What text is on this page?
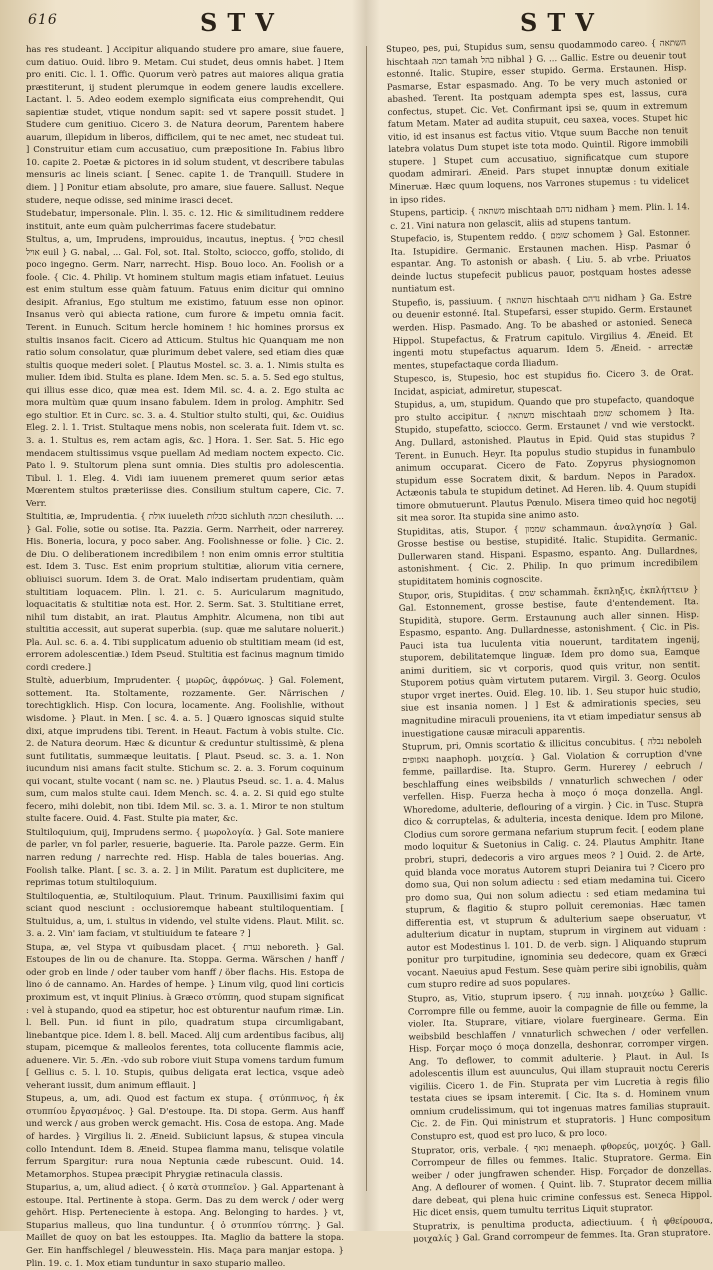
616	STV	STV

has res studeant. ] Accipitur aliquando studere pro amare, siue fauere, cum datiuo. Ouid. libro 9. Metam. Cui studet, deus omnis habet. ] Item pro eniti. Cic. l. 1. Offic. Quorum verò patres aut maiores aliqua gratia præstiterunt, ij student plerumque in eodem genere laudis excellere. Lactant. l. 5. Adeo eodem exemplo significata eius comprehendit, Qui sapientiæ studet, vtique nondum sapit: sed vt sapere possit studet. ] Studere cum genitiuo. Cicero 3. de Natura deorum, Parentem habere auarum, illepidum in liberos, difficilem, qui te nec amet, nec studeat tui. ] Construitur etiam cum accusatiuo, cum præpositione In. Fabius libro 10. capite 2. Poetæ & pictores in id solum student, vt describere tabulas mensuris ac lineis sciant. [ Senec. capite 1. de Tranquill. Studere in diem. ] ] Ponitur etiam absolute, pro amare, siue fauere. Sallust. Neque studere, neque odisse, sed minime irasci decet.

Studebatur, impersonale. Plin. l. 35. c. 12. Hic & similitudinem reddere instituit, ante eum quàm pulcherrimas facere studebatur.

Stultus, a, um, Imprudens, improuidus, incautus, ineptus. { כסיל chesil אויל euil } G. nabal, ... Gal. Fol, sot. Ital. Stolto, sciocco, goffo, stolido, di poco ingegno. Germ. Narr, narrecht. Hisp. Bouo loco. An. Foolish or a foole. { Cic. 4. Philip. Vt hominem stultum magis etiam infatuet. Leuius est enim stultum esse quàm fatuum. Fatuus enim dicitur qui omnino desipit. Afranius, Ego stultum me existimo, fatuum esse non opinor. Insanus verò qui abiecta ratione, cum furore & impetu omnia facit. Terent. in Eunuch. Scitum hercle hominem ! hic homines prorsus ex stultis insanos facit. Cicero ad Atticum. Stultus hic Quanquam me non ratio solum consolatur, quæ plurimum debet valere, sed etiam dies quæ stultis quoque mederi solet. [ Plautus Mostel. sc. 3. a. 1. Nimis stulta es mulier. Idem ibid. Stulta es plane. Idem Men. sc. 5. a. 5. Sed ego stultus, qui illius esse dico, quæ mea est. Idem Mil. sc. 4. a. 2. Ego stulta ac mora multùm quæ quum insano fabulem. Idem in prolog. Amphitr. Sed ego stultior. Et in Curc. sc. 3. a. 4. Stultior stulto stulti, qui, &c. Ouidius Eleg. 2. l. 1. Trist. Stultaque mens nobis, non scelerata fuit. Idem vt. sc. 3. a. 1. Stultus es, rem actam agis, &c. ] Hora. 1. Ser. Sat. 5. Hic ego mendacem stultissimus vsque puellam Ad mediam noctem expecto. Cic. Pato l. 9. Stultorum plena sunt omnia. Dies stultis pro adolescentia. Tibul. l. 1. Eleg. 4. Vidi iam iuuenem premeret quum serior ætas Mœrentem stultos præteriisse dies. Consilium stultum capere, Cic. 7. Verr.

Stultitia, æ, Imprudentia. { אולת iuueleth סכלות sichluth חכמה chesiluth. ... } Gal. Folie, sotie ou sotise. Ita. Pazzia. Germ. Narrheit, oder narrerey. His. Boneria, locura, y poco saber. Ang. Foolishnesse or folie. } Cic. 2. de Diu. O deliberationem incredibilem ! non enim omnis error stultitia est. Idem 3. Tusc. Est enim proprium stultitiæ, aliorum vitia cernere, obliuisci suorum. Idem 3. de Orat. Malo indisertam prudentiam, quàm stultitiam loquacem. Plin. l. 21. c. 5. Auricularum magnitudo, loquacitatis & stultitiæ nota est. Hor. 2. Serm. Sat. 3. Stultitiane erret, nihil tum distabit, an irat. Plautus Amphitr. Alcumena, non tibi aut stultitia accessit, aut superat superbia. (sup. quæ me salutare noluerit.) Pla. Aul. sc. 6. a. 4. Tibi supplicatum aduenio ob stultitiam meam (id est, errorem adolescentiæ.) Idem Pseud. Stultitia est facinus magnum timido cordi credere.]

Stultè, aduerbium, Imprudenter. { μωρῶς, ἀφρόνως. } Gal. Folement, sottement. Ita. Stoltamente, rozzamente. Ger. Närrischen / torechtigklich. Hisp. Con locura, locamente. Ang. Foolishlie, without wisdome. } Plaut. in Men. [ sc. 4. a. 5. ] Quæro ignoscas siquid stulte dixi, atque imprudens tibi. Terent. in Heaut. Factum à vobis stulte. Cic. 2. de Natura deorum. Hæc & dicuntur & creduntur stultissimè, & plena sunt futilitatis, summæque leuitatis. [ Plaut. Pseud. sc. 3. a. 1. Non iucundum nisi amans facit stulte. Stichum sc. 2. a. 3. Forum coquinum qui vocant, stulte vocant ( nam sc. ne. ) Plautus Pseud. sc. 1. a. 4. Malus sum, cum malos stulte caui. Idem Mench. sc. 4. a. 2. Si quid ego stulte fecero, mihi dolebit, non tibi. Idem Mil. sc. 3. a. 1. Miror te non stultum stulte facere. Ouid. 4. Fast. Stulte pia mater, &c.

Stultiloquium, quij, Imprudens sermo. { μωρολογία. } Gal. Sote maniere de parler, vn fol parler, resuerie, baguerie. Ita. Parole pazze. Germ. Ein narren redung / narrechte red. Hisp. Habla de tales bouerias. Ang. Foolish talke. Plant. [ sc. 3. a. 2. ] in Milit. Paratum est duplicitere, me reprimas totum stultiloquium.

Stultiloquentia, æ, Stultiloquium. Plaut. Trinum. Pauxillisimi faxim qui sciant quod nesciunt : occlusioremque habeant stultiloquentiam. [ Stultuidus, a, um, i. stultus in videndo, vel stulte videns. Plaut. Milit. sc. 3. a. 2. Vin' iam faciam, vt stultiuidum te fateare ? ]

Stupa, æ, vel Stypa vt quibusdam placet. { נערת neboreth. } Gal. Estoupes de lin ou de chanure. Ita. Stoppa. Germa. Wärschen / hanff / oder grob en linde / oder tauber vom hanff / öber flachs. His. Estopa de lino ó de cannamo. An. Hardes of hempe. } Linum vilg, quod lini corticis proximum est, vt inquit Plinius. à Græco στύππη, quod stupam significat : vel à stupando, quod ea stipetur, hoc est obturentur naufum rimæ. Lin. l. Bell. Pun. id fiunt in pilo, quadratum stupa circumligabant, linebantque pice. Idem l. 8. bell. Maced. Alij cum ardentibus facibus, alij stupam, picemque & malleolos ferentes, tota collucente flammis acie, aduenere. Vir. 5. Æn. -vdo sub robore viuit Stupa vomens tardum fumum [ Gellius c. 5. l. 10. Stupis, quibus deligata erat lectica, vsque adeò veherant iussit, dum animum efflauit. ]

Stupeus, a, um, adi. Quod est factum ex stupa. { στύππινος, ἡ ἐκ στυππίου ἔργασμένος. } Gal. D'estoupe. Ita. Di stopa. Germ. Aus hanff und werck / aus groben werck gemacht. His. Cosa de estopa. Ang. Made of hardes. } Virgilius li. 2. Æneid. Subiiciunt lapsus, & stupea vincula collo Intendunt. Idem 8. Æneid. Stupea flamma manu, telisque volatile ferrum Spargitur: rura noua Neptunia cæde rubescunt. Ouid. 14. Metamorphos. Stupea præcipit Phrygiæ retinacula classis.

Stuparius, a, um, aliud adiect. { ὁ κατὰ στυππεῖον. } Gal. Appartenant à estoupe. Ital. Pertinente à stopa. Germ. Das zu dem werck / oder werg gehört. Hisp. Perteneciente à estopa. Ang. Belonging to hardes. } vt, Stuparius malleus, quo lina tunduntur. { ὁ στυππίου τύπτης. } Gal. Maillet de quoy on bat les estouppes. Ita. Maglio da battere la stopa. Ger. Ein hanffschlegel / bleuwesstein. His. Maça para manjar estopa. } Plin. 19. c. 1. Mox etiam tunduntur in saxo stupario malleo.

Stupeo, pes, pui, Stupidus sum, sensu quodammodo careo. { השתאה hischtaah תמה tamah בהל nibhal } G. ... Gallic. Estre ou deuenir tout estonné. Italic. Stupire, esser stupido. Germa. Erstaunen. Hisp. Pasmarse, Estar espasmado. Ang. To be very much astonied or abashed. Terent. Ita postquam adempta spes est, lassus, cura confectus, stupet. Cic. Vet. Confirmant ipsi se, quum in extremum fatum Metam. Mater ad audita stupuit, ceu saxea, voces. Stupet hic vitio, id est insanus est factus vitio. Vtque suum Bacche non tenuit latebra volatus Dum stupet iste tota modo. Quintil. Rigore immobili stupere. ] Stupet cum accusatiuo, significatque cum stupore quodam admirari. Æneid. Pars stupet innuptæ donum exitiale Mineruæ. Hæc quum loquens, nos Varrones stupemus : tu videlicet in ipso rides.

Stupens, particip. { משתאה mischtaah נדהם nidham } mem. Plin. l. 14. c. 21. Vini natura non gelascit, aliis ad stupens tantum.

Stupefacio, is, Stupentem reddo. { שומם schomem } Gal. Estonner. Ita. Istupidire. Germanic. Erstaunen machen. Hisp. Pasmar ó espantar. Ang. To astonish or abash. { Liu. 5. ab vrbe. Priuatos deinde luctus stupefecit publicus pauor, postquam hostes adesse nuntiatum est.

Stupefio, is, passiuum. { השתאה hischtaah נדהם nidham } Ga. Estre ou deuenir estonné. Ital. Stupefarsi, esser stupido. Germ. Erstaunet werden. Hisp. Pasmado. Ang. To be abashed or astonied. Seneca Hippol. Stupefactus, & Fratrum capitulo. Virgilius 4. Æneid. Et ingenti motu stupefactus aquarum. Idem 5. Æneid. - arrectæ mentes, stupefactaque corda Iliadum.

Stupesco, is, Stupesio, hoc est stupidus fio. Cicero 3. de Orat. Incidat, aspiciat, admiretur, stupescat.

Stupidus, a, um, stupidum. Quando que pro stupefacto, quandoque pro stulto accipitur. { משתאה mischtaah שומם schomem } Ita. Stupido, stupefatto, sciocco. Germ. Erstaunet / vnd wie verstockt. Ang. Dullard, astonished. Plautus in Epid. Quid stas stupidus ? Terent. in Eunuch. Heyr. Ita populus studio stupidus in funambulo animum occuparat. Cicero de Fato. Zopyrus physiognomon stupidum esse Socratem dixit, & bardum. Nepos in Paradox. Actæonis tabula te stupidum detinet. Ad Heren. lib. 4. Quum stupidi timore obmutuerunt. Plautus Pœnulo. Misera timeo quid hoc negotij sit mea soror. Ita stupida sine animo asto.

Stupiditas, atis, Stupor. { שממון schammaun. ἀναλγησία } Gal. Grosse bestise ou bestise, stupidité. Italic. Stupidita. Germanic. Dullerwaren stand. Hispani. Espasmo, espanto. Ang. Dullardnes, astonishment. { Cic. 2. Philip. In quo primum incredibilem stupiditatem hominis cognoscite.

Stupor, oris, Stupiditas. { שמם schammah. ἔκπληξις, ἐκπλήττειν } Gal. Estonnement, grosse bestise, faute d'entendement. Ita. Stupidità, stupore. Germ. Erstaunung auch aller sinnen. Hisp. Espasmo, espanto. Ang. Dullardnesse, astonishment. { Cic. in Pis. Pauci ista tua luculenta vitia nouerunt, tarditatem ingenij, stuporem, debilitatemque linguæ. Idem pro domo sua, Eamque animi duritiem, sic vt corporis, quod quis vritur, non sentit. Stuporem potius quàm virtutem putarem. Virgil. 3. Georg. Oculos stupor vrget inertes. Ouid. Eleg. 10. lib. 1. Seu stupor huic studio, siue est insania nomen. ] ] Est & admirationis species, seu magnitudine miraculi proueniens, ita vt etiam impediatur sensus ab inuestigatione causæ miraculi apparentis.

Stuprum, pri, Omnis scortatio & illicitus concubitus. { נבלה neboleh נאפופים naaphoph. μοιχεία. } Gal. Violation & corruption d'vne femme, paillardise. Ita. Stupro. Germ. Hurerey / eebruch / beschlaffung eines weibsbilds / vnnaturlich schwechen / oder verfellen. Hisp. Fuerza hecha à moço ó moça donzella. Angl. Whoredome, adulterie, deflouring of a virgin. } Cic. in Tusc. Stupra dico & corruptelas, & adulteria, incesta denique. Idem pro Milone, Clodius cum sorore germana nefarium stuprum fecit. [ eodem plane modo loquitur & Suetonius in Calig. c. 24. Plautus Amphitr. Itane probri, stupri, dedecoris a viro argues meos ? ] Ouid. 2. de Arte, quid blanda voce moratus Autorem stupri Deianira tui ? Cicero pro domo sua, Qui non solum adiectu : sed etiam medamina tui. Cicero pro domo sua, Qui non solum adiectu : sed etiam medamina tui stuprum, & flagitio & stupro polluit ceremonias. Hæc tamen differentia est, vt stuprum & adulterium saepe obseruatur, vt adulterium dicatur in nuptam, stuprum in virginem aut viduam : autor est Modestinus l. 101. D. de verb. sign. ] Aliquando stuprum ponitur pro turpitudine, ignominia seu dedecore, quam ex Græci vocant. Naeuius apud Festum. Sese quàm perire sibi ignobilis, quàm cum stupro redire ad suos populares.

Stupro, as, Vitio, stuprum ipsero. { ענה innah. μοιχεύω } Gallic. Corrompre fille ou femme, auoir la compagnie de fille ou femme, la violer. Ita. Stuprare, vitiare, violare fuergineare. Germa. Ein weibsbild beschlaffen / vnnaturlich schwechen / oder verfellen. Hisp. Forçar moço ó moça donzella, deshonrar, corromper virgen. Ang. To deflower, to commit adulterie. } Plaut. in Aul. Is adolescentis illum est auunculus, Qui illam stuprauit noctu Cereris vigiliis. Cicero 1. de Fin. Stuprata per vim Lucretia à regis filio testata ciues se ipsam interemit. [ Cic. Ita s. d. Hominem vnum omnium crudelissimum, qui tot ingenuas matres familias stuprauit. Cic. 2. de Fin. Qui ministrum et stupratoris. ] Hunc compositum Constupro est, quod est pro luco, & pro loco.

Stuprator, oris, verbale. { נואף menaeph. φθορεύς, μοιχός. } Gall. Corrompeur de filles ou femmes. Italic. Stupratore. Germa. Ein weiber / oder jungfrawen schender. Hisp. Forçador de donzellas. Ang. A deflourer of women. { Quint. lib. 7. Stuprator decem millia dare debeat, qui plena huic crimine confessus est. Seneca Hippol. Hic dicet ensis, quem tumultu territus Liquit stuprator.

Stupratrix, is penultima producta, adiectiuum. { ἡ φθείρουσα, μοιχαλίς } Gal. Grand corrompeur de femmes. Ita. Gran stupratore.
